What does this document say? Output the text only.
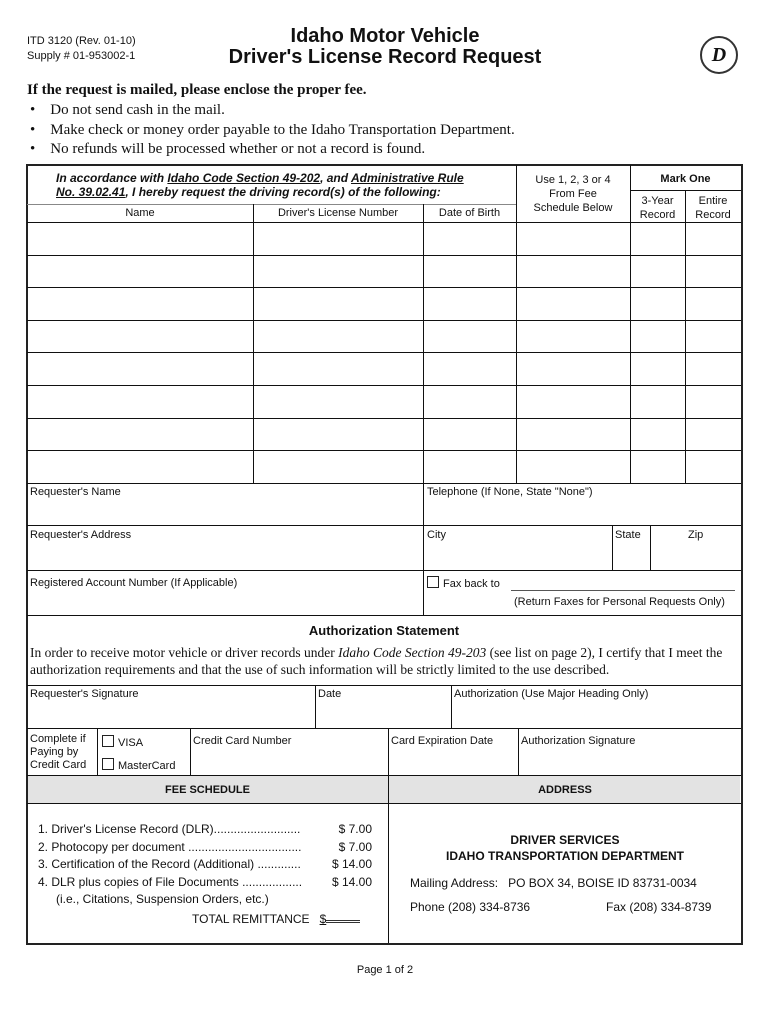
ITD 3120 (Rev. 01-10)
Supply # 01-953002-1
Idaho Motor Vehicle
Driver's License Record Request	D
If the request is mailed, please enclose the proper fee.
•    Do not send cash in the mail.
•    Make check or money order payable to the Idaho Transportation Department.
•    No refunds will be processed whether or not a record is found.
In accordance with Idaho Code Section 49-202, and Administrative Rule
No. 39.02.41, I hereby request the driving record(s) of the following:
Name	Driver's License Number	Date of Birth
Use 1, 2, 3 or 4 From Fee Schedule Below
Mark One
3-Year Record
Entire Record
Requester's Name	Telephone (If None, State "None")
Requester's Address	City	State	Zip
Registered Account Number (If Applicable)	Fax back to
(Return Faxes for Personal Requests Only)
Authorization Statement
In order to receive motor vehicle or driver records under Idaho Code Section 49-203 (see list on page 2), I certify that I meet the authorization requirements and that the use of such information will be strictly limited to the use described.
Requester's Signature	Date	Authorization (Use Major Heading Only)
Complete if Paying by Credit Card
VISA
MasterCard
Credit Card Number	Card Expiration Date	Authorization Signature
FEE SCHEDULE	ADDRESS
1. Driver's License Record (DLR)..........................	$ 7.00
2. Photocopy per document ..................................	$ 7.00
3. Certification of the Record (Additional) .............	$ 14.00
4. DLR plus copies of File Documents .................. $ 14.00
(i.e., Citations, Suspension Orders, etc.)
TOTAL REMITTANCE $
DRIVER SERVICES
IDAHO TRANSPORTATION DEPARTMENT
Mailing Address: PO BOX 34, BOISE ID 83731-0034
Phone (208) 334-8736	Fax (208) 334-8739
Page 1 of 2
